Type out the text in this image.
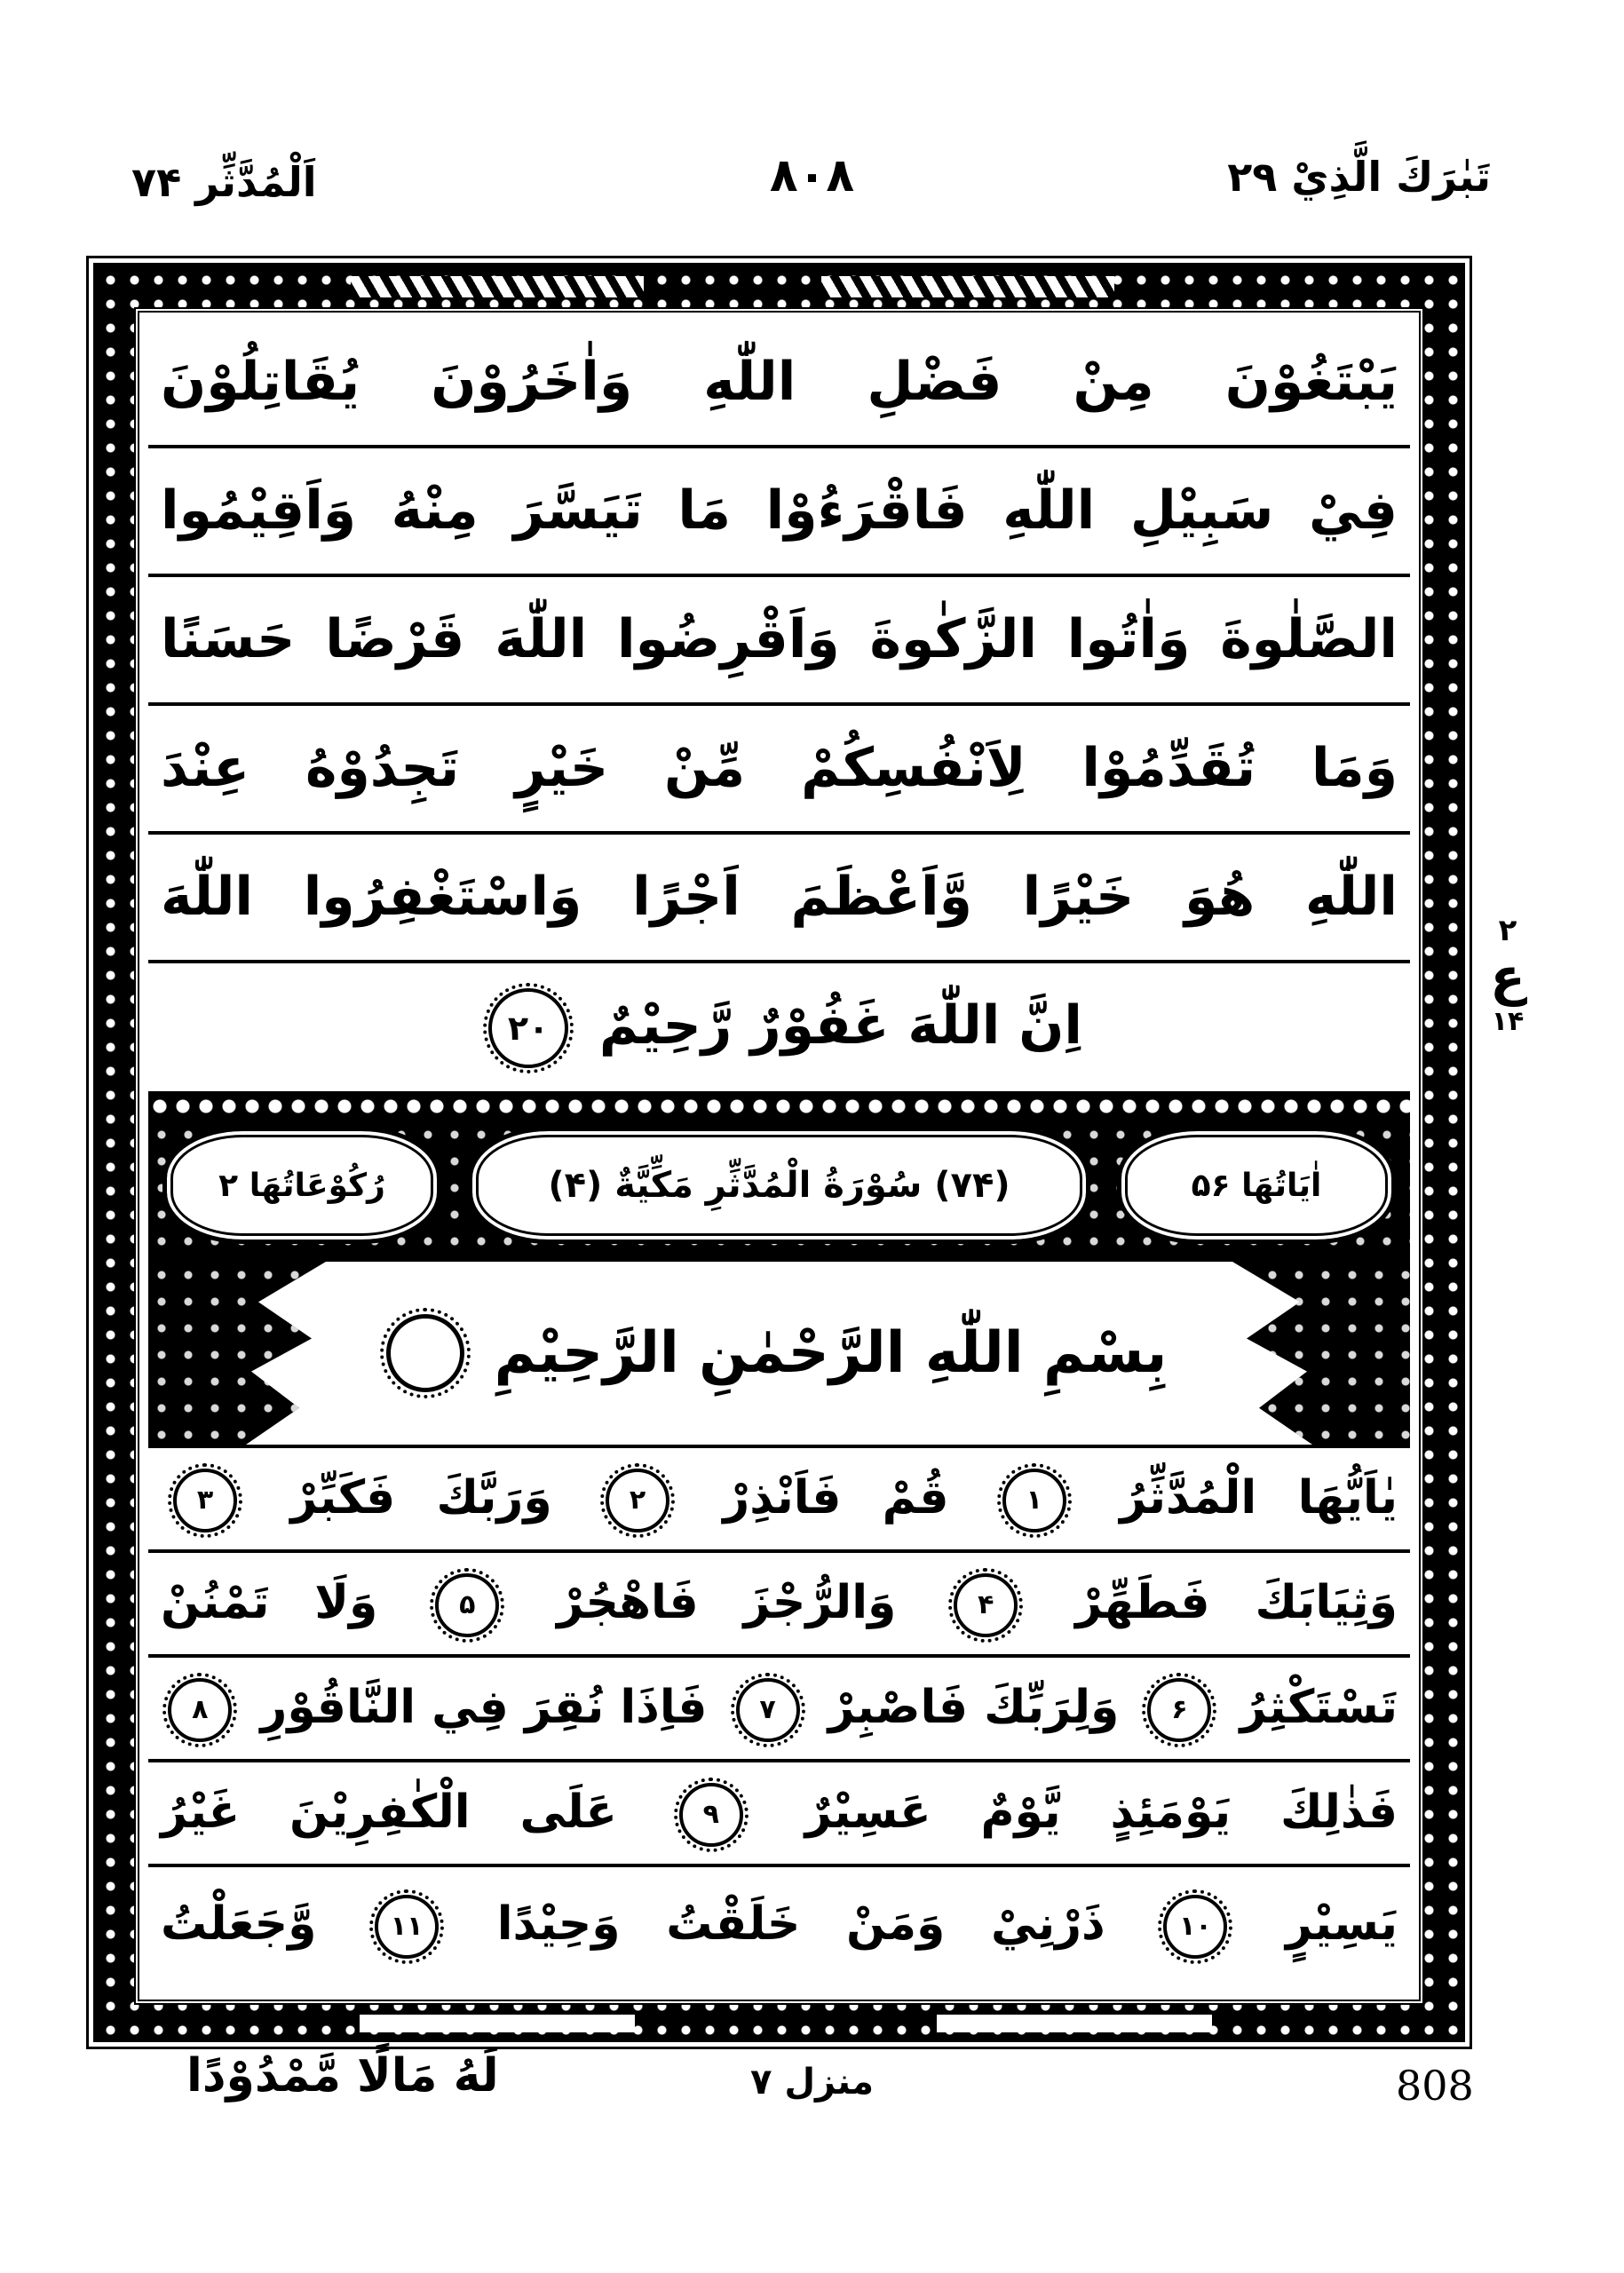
اَلْمُدَّثِّر ۷۴	۸۰۸	تَبٰرَكَ الَّذِيْ ۲۹
يَبْتَغُوْنَ مِنْ فَضْلِ اللّٰهِ وَاٰخَرُوْنَ يُقَاتِلُوْنَ
فِيْ سَبِيْلِ اللّٰهِ فَاقْرَءُوْا مَا تَيَسَّرَ مِنْهُ وَاَقِيْمُوا
الصَّلٰوةَ وَاٰتُوا الزَّكٰوةَ وَاَقْرِضُوا اللّٰهَ قَرْضًا حَسَنًا
وَمَا تُقَدِّمُوْا لِاَنْفُسِكُمْ مِّنْ خَيْرٍ تَجِدُوْهُ عِنْدَ
اللّٰهِ هُوَ خَيْرًا وَّاَعْظَمَ اَجْرًا وَاسْتَغْفِرُوا اللّٰهَ
اِنَّ اللّٰهَ غَفُوْرٌ رَّحِيْمٌ ۲۰
اٰيَاتُهَا ۵۶
(۷۴) سُوْرَةُ الْمُدَّثِّرِ مَكِّيَّةٌ (۴)
رُكُوْعَاتُهَا ۲
بِسْمِ اللّٰهِ الرَّحْمٰنِ الرَّحِيْمِ
يٰاَيُّهَا الْمُدَّثِّرُ ۱ قُمْ فَاَنْذِرْ ۲ وَرَبَّكَ فَكَبِّرْ ۳
وَثِيَابَكَ فَطَهِّرْ ۴ وَالرُّجْزَ فَاهْجُرْ ۵ وَلَا تَمْنُنْ
تَسْتَكْثِرُ ۶ وَلِرَبِّكَ فَاصْبِرْ ۷ فَاِذَا نُقِرَ فِي النَّاقُوْرِ ۸
فَذٰلِكَ يَوْمَئِذٍ يَّوْمٌ عَسِيْرٌ ۹ عَلَى الْكٰفِرِيْنَ غَيْرُ
يَسِيْرٍ ۱۰ ذَرْنِيْ وَمَنْ خَلَقْتُ وَحِيْدًا ۱۱ وَّجَعَلْتُ
۲
ع
۱۴
لَهُ مَالًا مَّمْدُوْدًا	منزل ۷	808
